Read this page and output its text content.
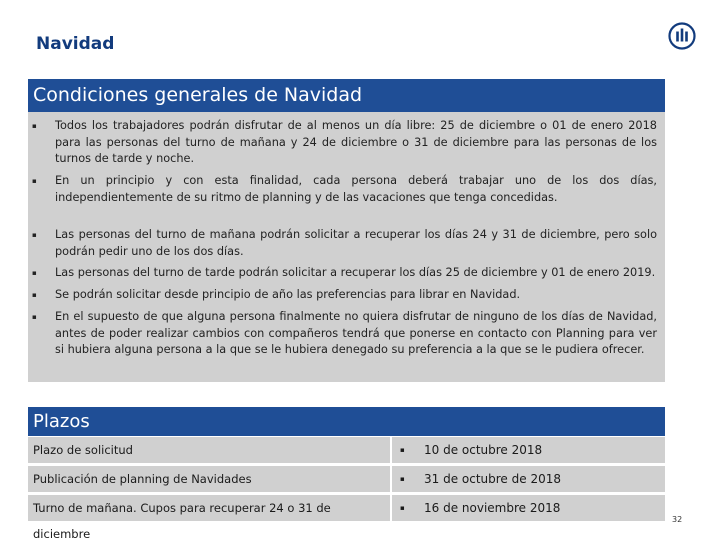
Navidad
Condiciones generales de Navidad
▪ Todos los trabajadores podrán disfrutar de al menos un día libre: 25 de diciembre o 01 de enero 2018 para las personas del turno de mañana y 24 de diciembre o 31 de diciembre para las personas de los turnos de tarde y noche.
▪ En un principio y con esta finalidad, cada persona deberá trabajar uno de los dos días, independientemente de su ritmo de planning y de las vacaciones que tenga concedidas.
▪ Las personas del turno de mañana podrán solicitar a recuperar los días 24 y 31 de diciembre, pero solo podrán pedir uno de los dos días.
▪ Las personas del turno de tarde podrán solicitar a recuperar los días 25 de diciembre y 01 de enero 2019.
▪ Se podrán solicitar desde principio de año las preferencias para librar en Navidad.
▪ En el supuesto de que alguna persona finalmente no quiera disfrutar de ninguno de los días de Navidad, antes de poder realizar cambios con compañeros tendrá que ponerse en contacto con Planning para ver si hubiera alguna persona a la que se le hubiera denegado su preferencia a la que se le pudiera ofrecer.
Plazos
Plazo de solicitud	▪ 10 de octubre 2018
Publicación de planning de Navidades	▪ 31 de octubre de 2018
Turno de mañana. Cupos para recuperar 24 o 31 de diciembre
▪ 16 de noviembre 2018
32
